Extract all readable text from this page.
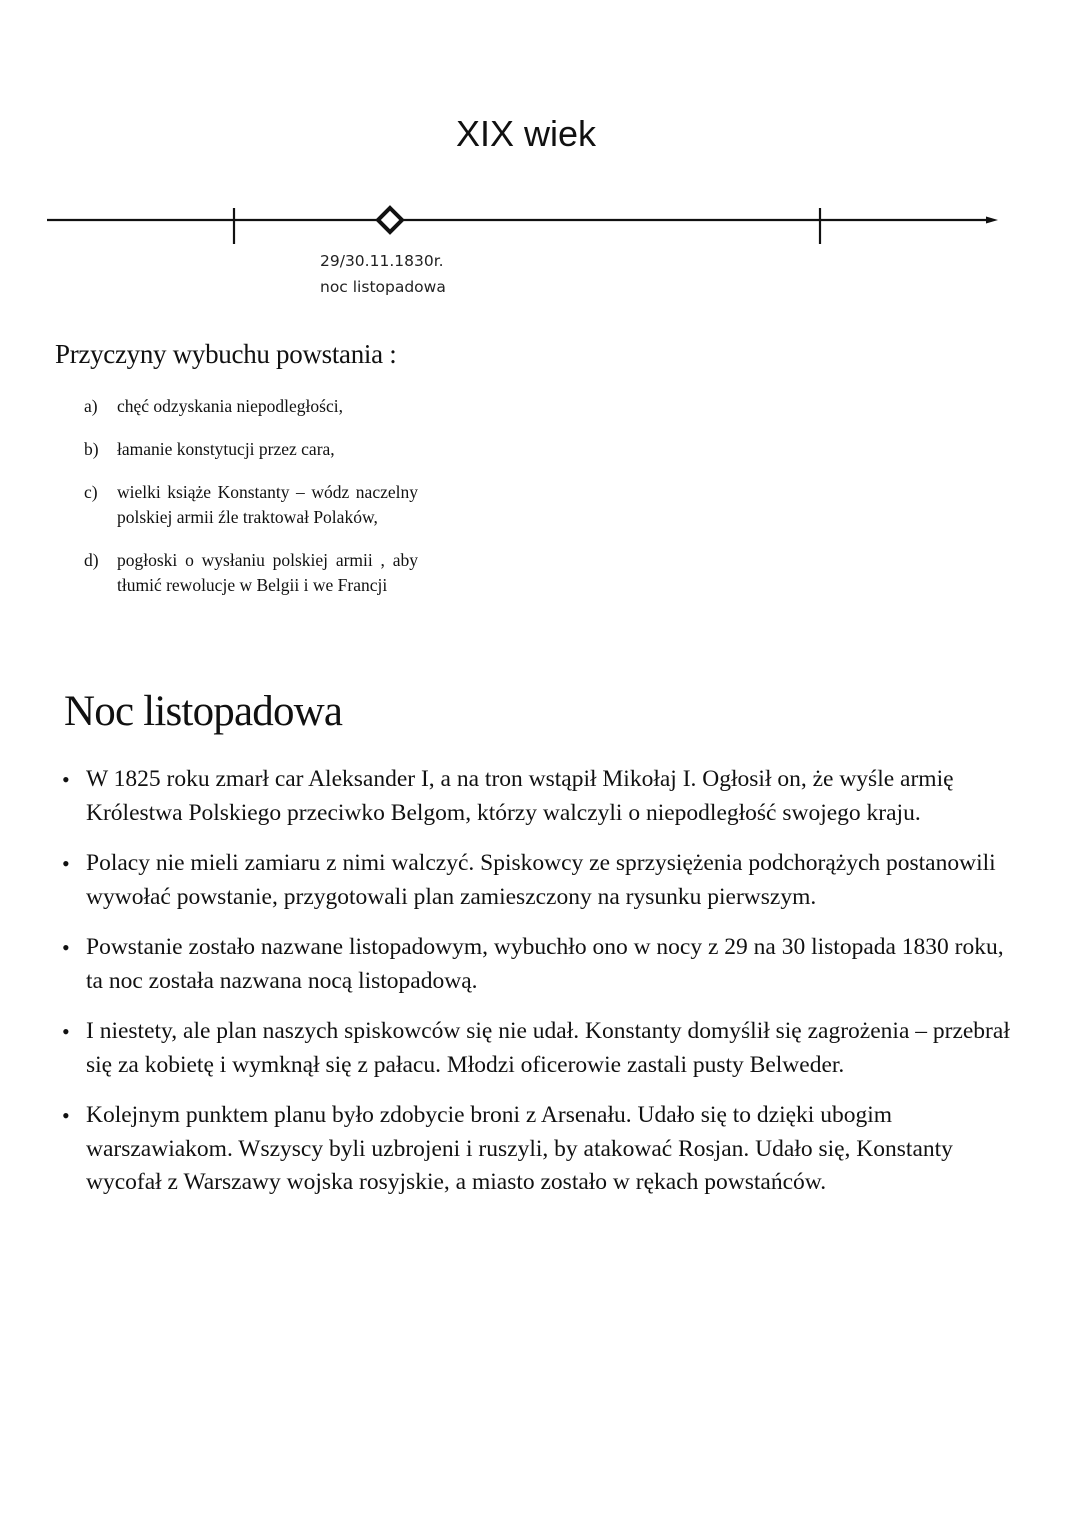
XIX wiek
29/30.11.1830r.
noc listopadowa
Przyczyny wybuchu powstania :
a)	chęć odzyskania niepodległości,
b)	łamanie konstytucji przez cara,
c)	wielki książe Konstanty – wódz naczelny polskiej armii źle traktował Polaków,
d)	pogłoski o wysłaniu polskiej armii , aby tłumić rewolucje w Belgii i we Francji
Noc listopadowa
• W 1825 roku zmarł car Aleksander I, a na tron wstąpił Mikołaj I. Ogłosił on, że wyśle armię Królestwa Polskiego przeciwko Belgom, którzy walczyli o niepodległość swojego kraju.
• Polacy nie mieli zamiaru z nimi walczyć. Spiskowcy ze sprzysiężenia podchorążych postanowili wywołać powstanie, przygotowali plan zamieszczony na rysunku pierwszym.
• Powstanie zostało nazwane listopadowym, wybuchło ono w nocy z 29 na 30 listopada 1830 roku, ta noc została nazwana nocą listopadową.
• I niestety, ale plan naszych spiskowców się nie udał. Konstanty domyślił się zagrożenia – przebrał się za kobietę i wymknął się z pałacu. Młodzi oficerowie zastali pusty Belweder.
• Kolejnym punktem planu było zdobycie broni z Arsenału. Udało się to dzięki ubogim warszawiakom. Wszyscy byli uzbrojeni i ruszyli, by atakować Rosjan. Udało się, Konstanty wycofał z Warszawy wojska rosyjskie, a miasto zostało w rękach powstańców.
